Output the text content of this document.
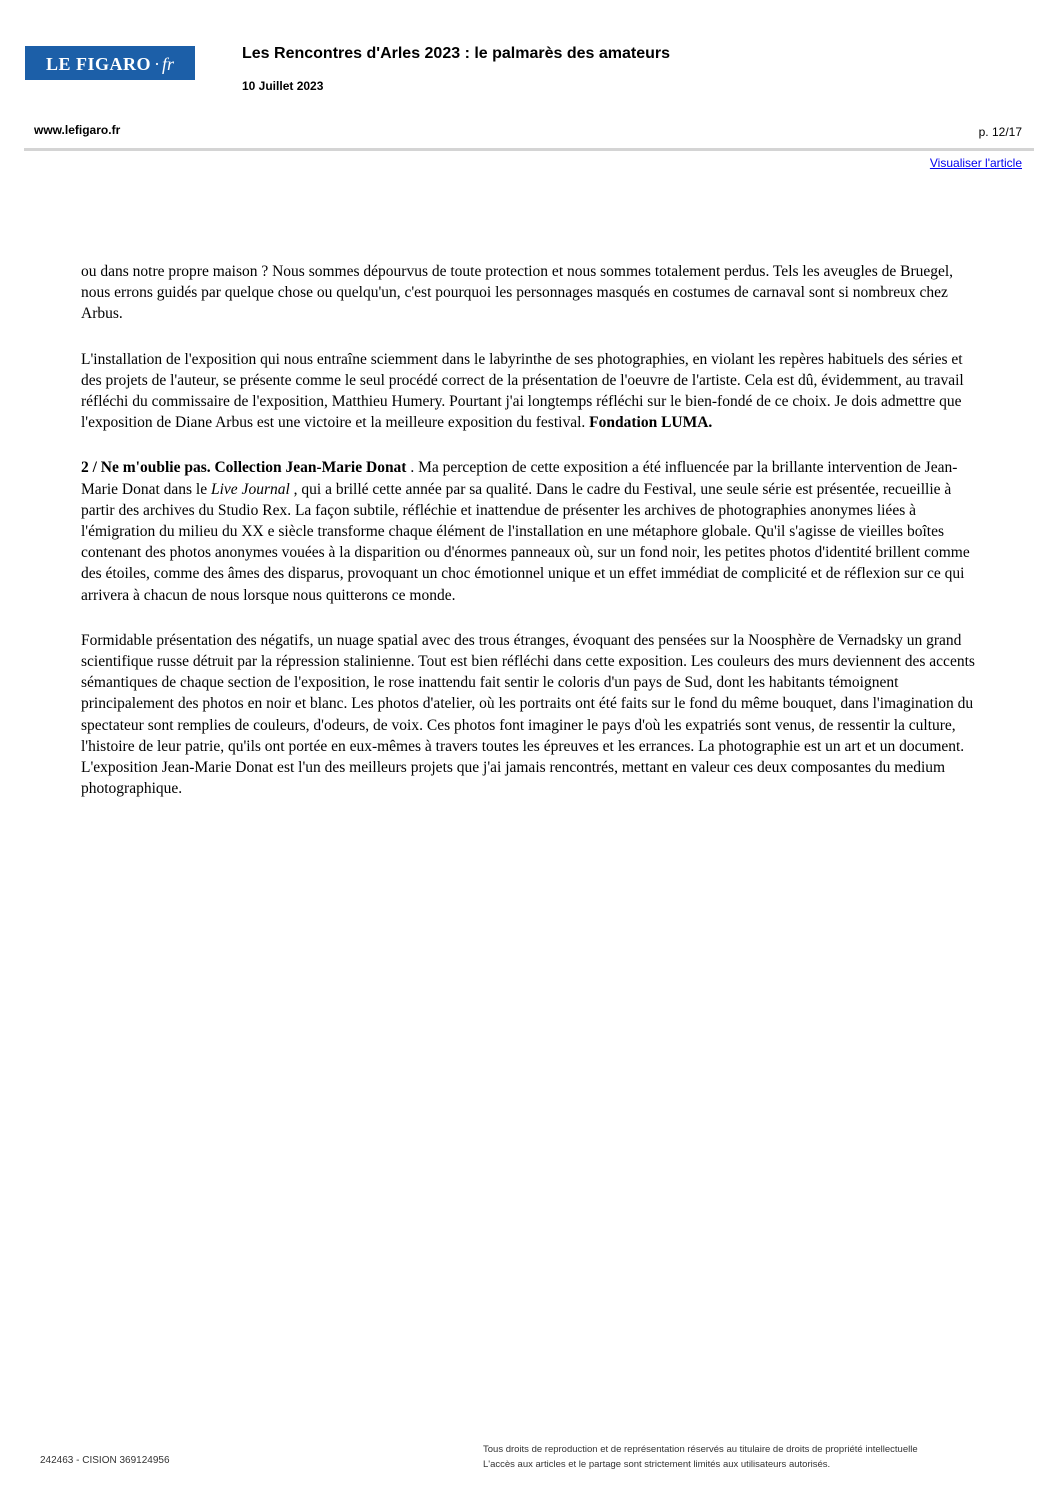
LE FIGARO · fr	Les Rencontres d'Arles 2023 : le palmarès des amateurs
10 Juillet 2023
www.lefigaro.fr	p. 12/17
Visualiser l'article

ou dans notre propre maison ? Nous sommes dépourvus de toute protection et nous sommes totalement perdus. Tels les aveugles de Bruegel, nous errons guidés par quelque chose ou quelqu'un, c'est pourquoi les personnages masqués en costumes de carnaval sont si nombreux chez Arbus.

L'installation de l'exposition qui nous entraîne sciemment dans le labyrinthe de ses photographies, en violant les repères habituels des séries et des projets de l'auteur, se présente comme le seul procédé correct de la présentation de l'oeuvre de l'artiste. Cela est dû, évidemment, au travail réfléchi du commissaire de l'exposition, Matthieu Humery. Pourtant j'ai longtemps réfléchi sur le bien-fondé de ce choix. Je dois admettre que l'exposition de Diane Arbus est une victoire et la meilleure exposition du festival. Fondation LUMA.

2 / Ne m'oublie pas. Collection Jean-Marie Donat . Ma perception de cette exposition a été influencée par la brillante intervention de Jean-Marie Donat dans le Live Journal , qui a brillé cette année par sa qualité. Dans le cadre du Festival, une seule série est présentée, recueillie à partir des archives du Studio Rex. La façon subtile, réfléchie et inattendue de présenter les archives de photographies anonymes liées à l'émigration du milieu du XX e siècle transforme chaque élément de l'installation en une métaphore globale. Qu'il s'agisse de vieilles boîtes contenant des photos anonymes vouées à la disparition ou d'énormes panneaux où, sur un fond noir, les petites photos d'identité brillent comme des étoiles, comme des âmes des disparus, provoquant un choc émotionnel unique et un effet immédiat de complicité et de réflexion sur ce qui arrivera à chacun de nous lorsque nous quitterons ce monde.

Formidable présentation des négatifs, un nuage spatial avec des trous étranges, évoquant des pensées sur la Noosphère de Vernadsky un grand scientifique russe détruit par la répression stalinienne. Tout est bien réfléchi dans cette exposition. Les couleurs des murs deviennent des accents sémantiques de chaque section de l'exposition, le rose inattendu fait sentir le coloris d'un pays de Sud, dont les habitants témoignent principalement des photos en noir et blanc. Les photos d'atelier, où les portraits ont été faits sur le fond du même bouquet, dans l'imagination du spectateur sont remplies de couleurs, d'odeurs, de voix. Ces photos font imaginer le pays d'où les expatriés sont venus, de ressentir la culture, l'histoire de leur patrie, qu'ils ont portée en eux-mêmes à travers toutes les épreuves et les errances. La photographie est un art et un document. L'exposition Jean-Marie Donat est l'un des meilleurs projets que j'ai jamais rencontrés, mettant en valeur ces deux composantes du medium photographique.

242463 - CISION 369124956
Tous droits de reproduction et de représentation réservés au titulaire de droits de propriété intellectuelle
L'accès aux articles et le partage sont strictement limités aux utilisateurs autorisés.
